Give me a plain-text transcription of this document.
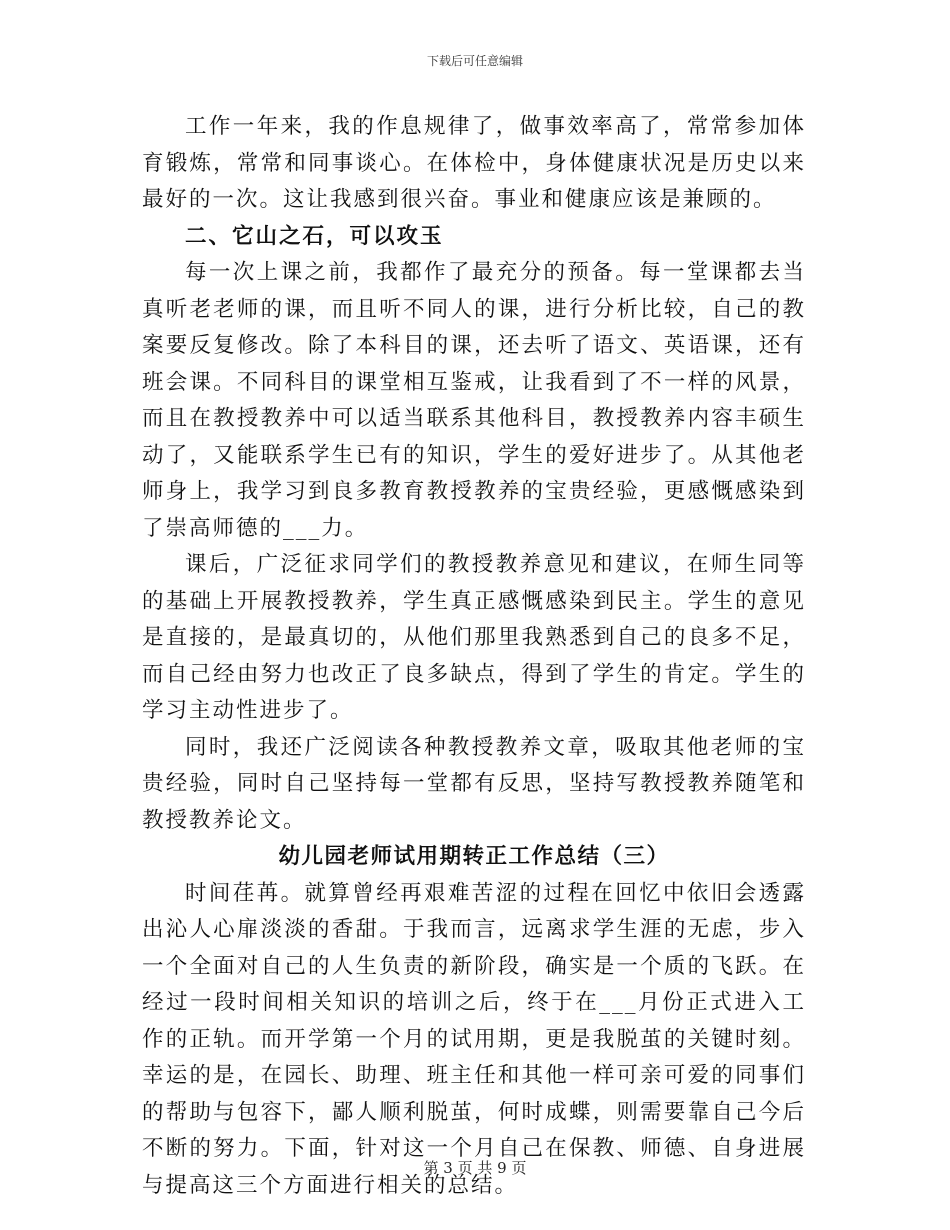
下载后可任意编辑

工作一年来，我的作息规律了，做事效率高了，常常参加体育锻炼，常常和同事谈心。在体检中，身体健康状况是历史以来最好的一次。这让我感到很兴奋。事业和健康应该是兼顾的。

二、它山之石，可以攻玉

每一次上课之前，我都作了最充分的预备。每一堂课都去当真听老老师的课，而且听不同人的课，进行分析比较，自己的教案要反复修改。除了本科目的课，还去听了语文、英语课，还有班会课。不同科目的课堂相互鉴戒，让我看到了不一样的风景，而且在教授教养中可以适当联系其他科目，教授教养内容丰硕生动了，又能联系学生已有的知识，学生的爱好进步了。从其他老师身上，我学习到良多教育教授教养的宝贵经验，更感慨感染到了崇高师德的___力。

课后，广泛征求同学们的教授教养意见和建议，在师生同等的基础上开展教授教养，学生真正感慨感染到民主。学生的意见是直接的，是最真切的，从他们那里我熟悉到自己的良多不足，而自己经由努力也改正了良多缺点，得到了学生的肯定。学生的学习主动性进步了。

同时，我还广泛阅读各种教授教养文章，吸取其他老师的宝贵经验，同时自己坚持每一堂都有反思，坚持写教授教养随笔和教授教养论文。

幼儿园老师试用期转正工作总结（三）

时间荏苒。就算曾经再艰难苦涩的过程在回忆中依旧会透露出沁人心扉淡淡的香甜。于我而言，远离求学生涯的无虑，步入一个全面对自己的人生负责的新阶段，确实是一个质的飞跃。在经过一段时间相关知识的培训之后，终于在___月份正式进入工作的正轨。而开学第一个月的试用期，更是我脱茧的关键时刻。幸运的是，在园长、助理、班主任和其他一样可亲可爱的同事们的帮助与包容下，鄙人顺利脱茧，何时成蝶，则需要靠自己今后不断的努力。下面，针对这一个月自己在保教、师德、自身进展与提高这三个方面进行相关的总结。

第 3 页 共 9 页
